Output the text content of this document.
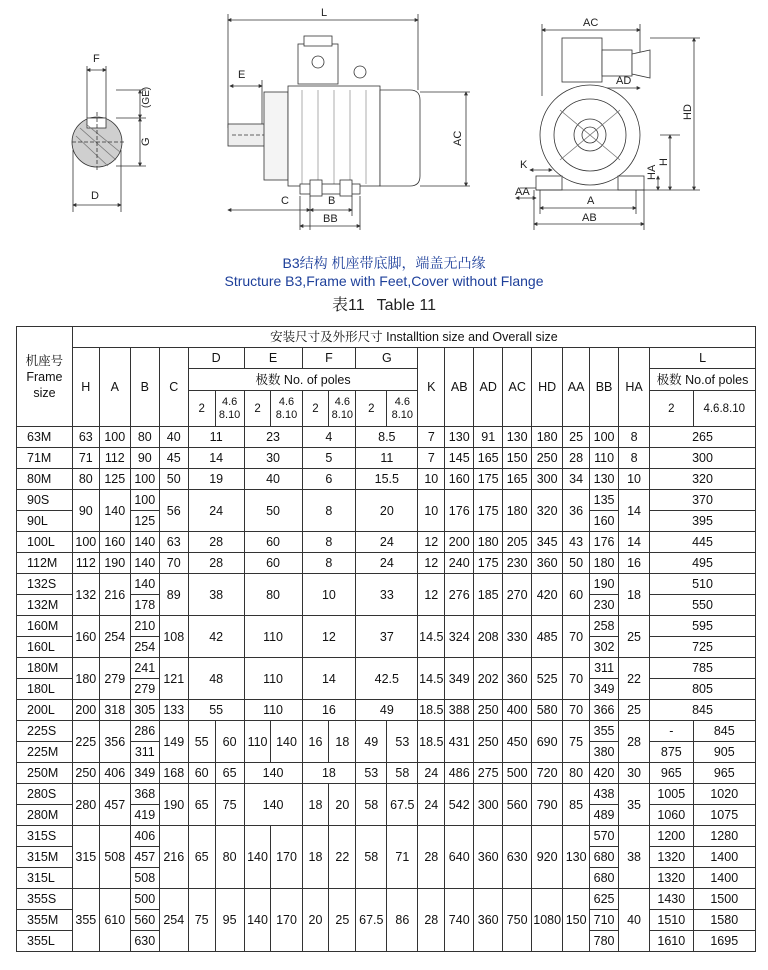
F
(GE)
G
D
L
E
AC
C	B
BB
AC
AD
HD
K
AA
H
HA
A
AB
B3结构 机座带底脚，端盖无凸缘
Structure B3,Frame with Feet,Cover without Flange
表11 Table 11
机座号
Frame
size	安装尺寸及外形尺寸 Installtion size and Overall size																					
	H	A	B	C	D		E		F		G		K	AB	AD	AC	HD	AA	BB	HA	L	
					极数 No. of poles																极数 No.of poles	
					2	4.6
8.10	2	4.6
8.10	2	4.6
8.10	2	4.6
8.10									2	4.6.8.10
63M	63	100	80	40	11		23		4		8.5		7	130	91	130	180	25	100	8	265	
71M	71	112	90	45	14		30		5		11		7	145	165	150	250	28	110	8	300	
80M	80	125	100	50	19		40		6		15.5		10	160	175	165	300	34	130	10	320	
90S	90	140	100	56	24		50		8		20		10	176	175	180	320	36	135	14	370	
90L			125																160		395	
100L	100	160	140	63	28		60		8		24		12	200	180	205	345	43	176	14	445	
112M	112	190	140	70	28		60		8		24		12	240	175	230	360	50	180	16	495	
132S	132	216	140	89	38		80		10		33		12	276	185	270	420	60	190	18	510	
132M			178																230		550	
160M	160	254	210	108	42		110		12		37		14.5	324	208	330	485	70	258	25	595	
160L			254																302		725	
180M	180	279	241	121	48		110		14		42.5		14.5	349	202	360	525	70	311	22	785	
180L			279																349		805	
200L	200	318	305	133	55		110		16		49		18.5	388	250	400	580	70	366	25	845	
225S	225	356	286	149	55	60	110	140	16	18	49	53	18.5	431	250	450	690	75	355	28	-	845
225M			311																380		875	905
250M	250	406	349	168	60	65	140		18		53	58	24	486	275	500	720	80	420	30	965	965
280S	280	457	368	190	65	75	140		18	20	58	67.5	24	542	300	560	790	85	438	35	1005	1020
280M			419																489		1060	1075
315S	315	508	406	216	65	80	140	170	18	22	58	71	28	640	360	630	920	130	570	38	1200	1280
315M			457																680		1320	1400
315L			508																680		1320	1400
355S	355	610	500	254	75	95	140	170	20	25	67.5	86	28	740	360	750	1080	150	625	40	1430	1500
355M			560																710		1510	1580
355L			630																780		1610	1695
